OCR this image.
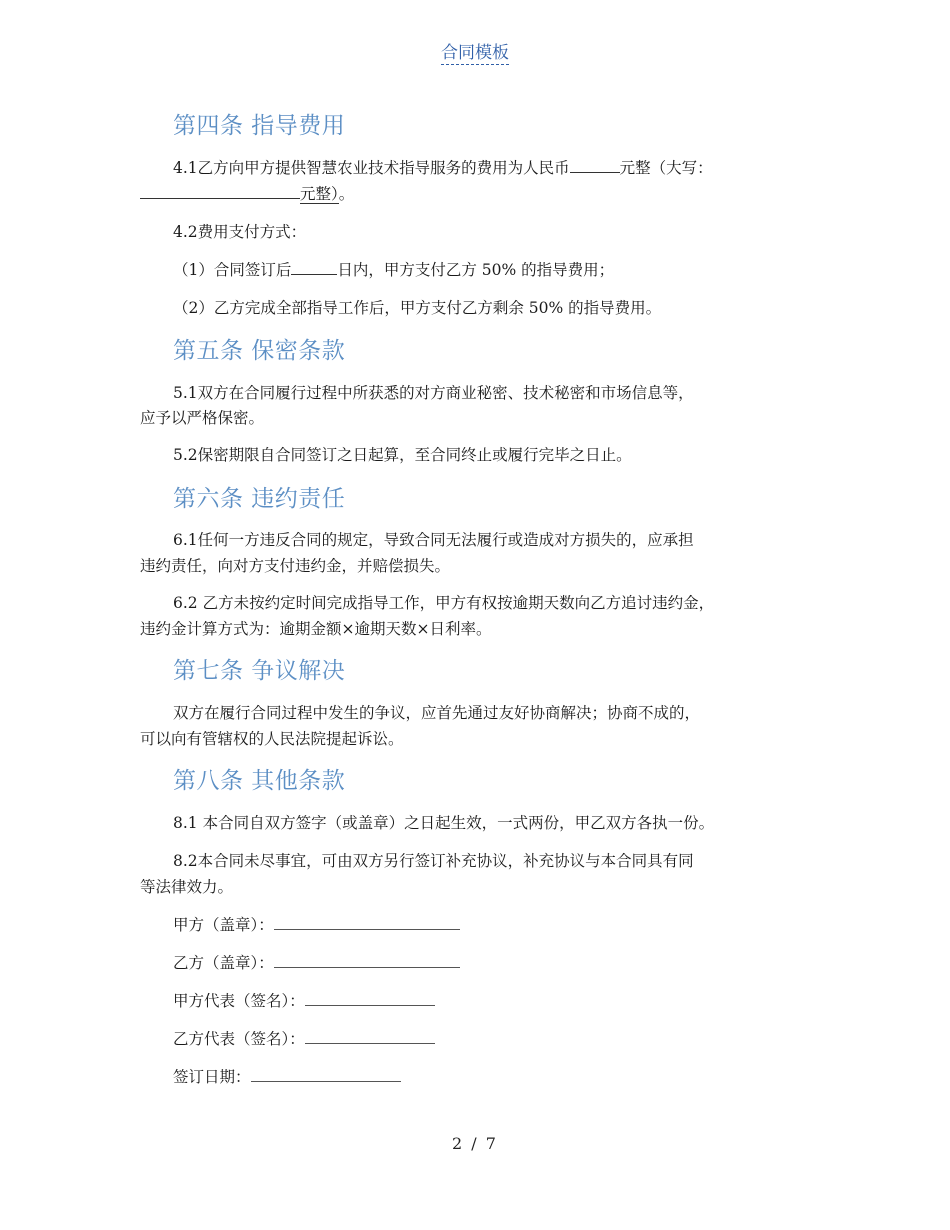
合同模板
第四条 指导费用

4.1乙方向甲方提供智慧农业技术指导服务的费用为人民币	元整（大写：

元整）。

4.2费用支付方式：

（1）合同签订后	日内，甲方支付乙方 50% 的指导费用；

（2）乙方完成全部指导工作后，甲方支付乙方剩余 50% 的指导费用。

第五条 保密条款

5.1双方在合同履行过程中所获悉的对方商业秘密、技术秘密和市场信息等，

应予以严格保密。

5.2保密期限自合同签订之日起算，至合同终止或履行完毕之日止。

第六条 违约责任

6.1任何一方违反合同的规定，导致合同无法履行或造成对方损失的，应承担

违约责任，向对方支付违约金，并赔偿损失。

6.2 乙方未按约定时间完成指导工作，甲方有权按逾期天数向乙方追讨违约金，

违约金计算方式为：逾期金额×逾期天数×日利率。

第七条 争议解决

双方在履行合同过程中发生的争议，应首先通过友好协商解决；协商不成的，

可以向有管辖权的人民法院提起诉讼。

第八条 其他条款

8.1 本合同自双方签字（或盖章）之日起生效，一式两份，甲乙双方各执一份。

8.2本合同未尽事宜，可由双方另行签订补充协议，补充协议与本合同具有同

等法律效力。

甲方（盖章）：

乙方（盖章）：

甲方代表（签名）：

乙方代表（签名）：

签订日期：

2 / 7
